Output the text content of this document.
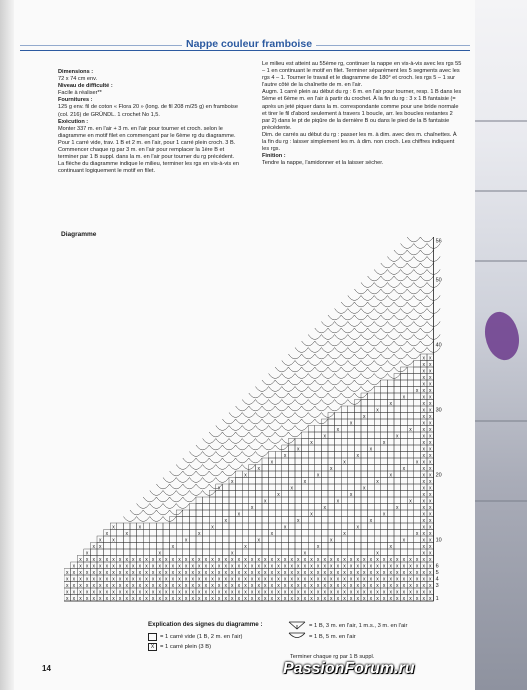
Nappe couleur framboise

Dimensions :

72 x 74 cm env.

Niveau de difficulté :

Facile à réaliser**

Fournitures :

125 g env. fil de coton « Flora 20 » (long. de fil 208 m/25 g) en framboise (col. 216) de GRÜNDL. 1 crochet No 1,5.

Exécution :

Monter 337 m. en l'air + 3 m. en l'air pour tourner et croch. selon le diagramme en motif filet en commençant par le 6ème rg du diagramme.

Pour 1 carré vide, trav. 1 B et 2 m. en l'air, pour 1 carré plein croch. 3 B. Commencer chaque rg par 3 m. en l'air pour remplacer la 1ère B et terminer par 1 B suppl. dans la m. en l'air pour tourner du rg précédent.

La flèche du diagramme indique le milieu, terminer les rgs en vis-à-vis en continuant logiquement le motif en filet.

Le milieu est atteint au 55ème rg, continuer la nappe en vis-à-vis avec les rgs 55 – 1 en continuant le motif en filet. Terminer séparément les 5 segments avec les rgs 4 – 1. Tourner le travail et le diagramme de 180° et croch. les rgs 5 – 1 sur l'autre côté de la chaînette de m. en l'air.

Augm. 1 carré plein au début du rg : 6 m. en l'air pour tourner, resp. 1 B dans les 5ème et 6ème m. en l'air à partir du crochet. À la fin du rg : 3 x 1 B fantaisie (= après un jeté piquer dans la m. correspondante comme pour une bride normale et tirer le fil d'abord seulement à travers 1 boucle, arr. les boucles restantes 2 par 2) dans le pt de piqûre de la dernière B ou dans le pied de la B fantaisie précédente.

Dim. de carrés au début du rg : passer les m. à dim. avec des m. chaînettes. À la fin du rg : laisser simplement les m. à dim. non croch. Les chiffres indiquent les rgs.

Finition :

Tendre la nappe, l'amidonner et la laisser sécher.

Diagramme
x x
x x
x x
x x
x x
x x x
x	x x
x	x x
x	x x
x	x x
x	x x
x	x x x
x	x	x x
x	x	x x
x	x	x x
x	x	x x
x	x	x x x
x	x	x	x x
x	x	x	x x
x	x	x	x x
x	x	x	x x
x	x	x x
x	x	x x x
x	x	x	x x
x	x	x	x x
x	x	x	x x
x	x	x	x	x	x x
x	x	x	x	x	x x x
x x	x	x	x	x	x x
x x	x	x	x	x	x x
x	x	x	x	x	x x
x x x x x x x x x x x x x x x x x x x x x x x x x x x x x x x x x x x x x x x x x x x x x x x x x x x x x x
x x x x x x x x x x x x x x x x x x x x x x x x x x x x x x x x x x x x x x x x x x x x x x x x x x x x x x x
x x x x x x x x x x x x x x x x x x x x x x x x x x x x x x x x x x x x x x x x x x x x x x x x x x x x x x x x
x x x x x x x x x x x x x x x x x x x x x x x x x x x x x x x x x x x x x x x x x x x x x x x x x x x x x x x x
x x x x x x x x x x x x x x x x x x x x x x x x x x x x x x x x x x x x x x x x x x x x x x x x x x x x x x x x
x x x x x x x x x x x x x x x x x x x x x x x x x x x x x x x x x x x x x x x x x x x x x x x x x x x x x x x x
x x x x x x x x x x x x x x x x x x x x x x x x x x x x x x x x x x x x x x x x x x x x x x x x x x x x x x x x
56
50
40
30
20
10
6
5
4
3
1
Explication des signes du diagramme :
= 1 carré vide (1 B, 2 m. en l'air)
X	= 1 carré plein (3 B)
= 1 B, 3 m. en l'air, 1 m.s., 3 m. en l'air
= 1 B, 5 m. en l'air
Terminer chaque rg par 1 B suppl.
14	PassionForum.ru
